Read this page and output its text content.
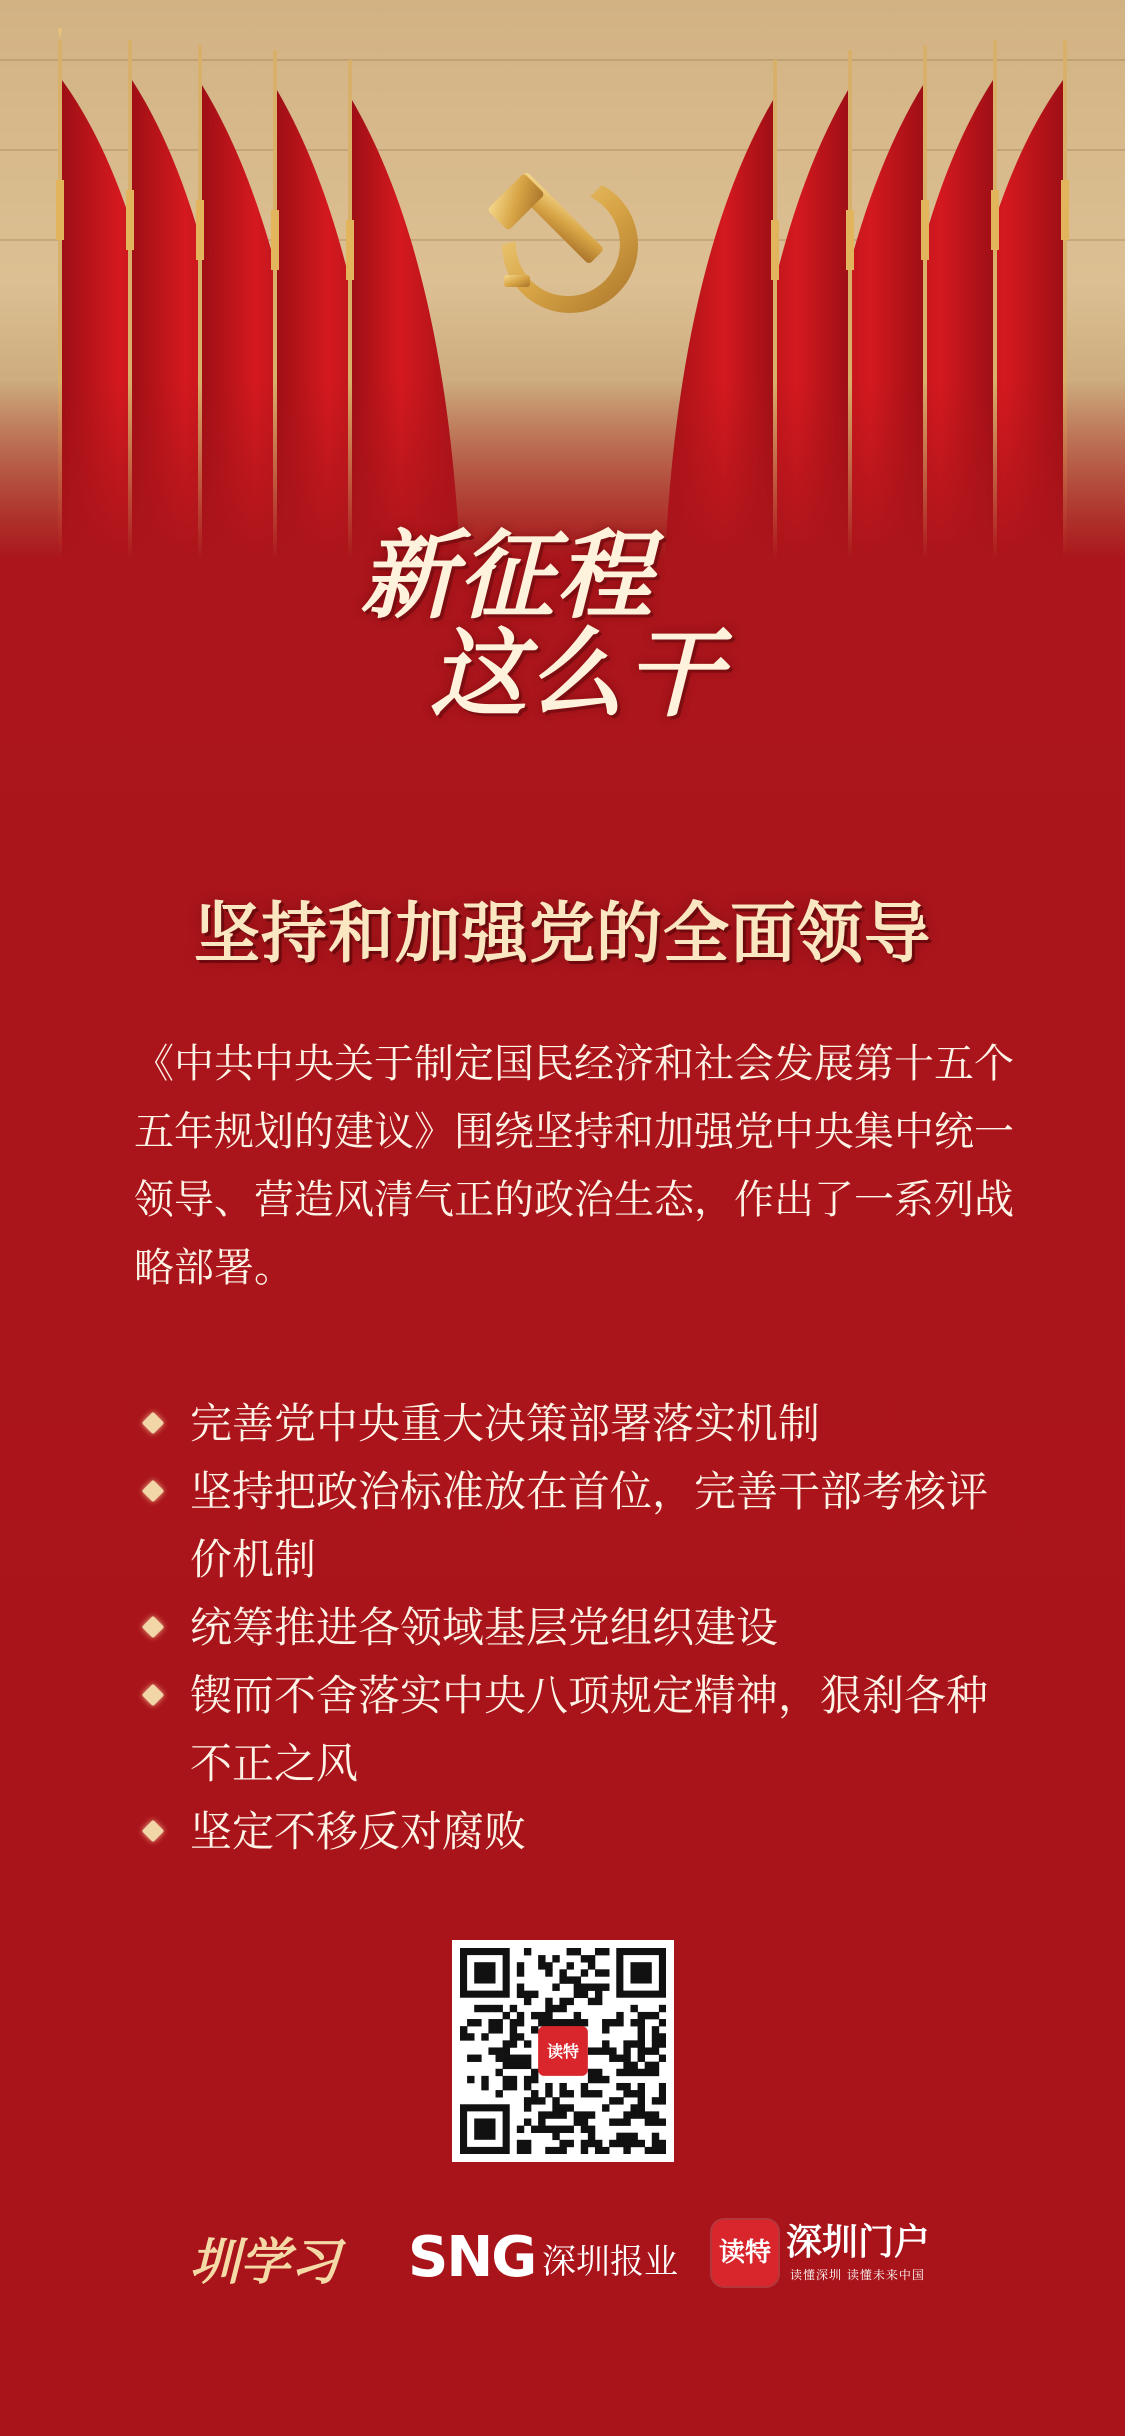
新征程
这么干
坚持和加强党的全面领导

《中共中央关于制定国民经济和社会发展第十五个五年规划的建议》围绕坚持和加强党中央集中统一领导、营造风清气正的政治生态，作出了一系列战略部署。

完善党中央重大决策部署落实机制
坚持把政治标准放在首位，完善干部考核评价机制
统筹推进各领域基层党组织建设
锲而不舍落实中央八项规定精神，狠刹各种不正之风
坚定不移反对腐败
读特
圳学习 SNG 深圳报业 读特 深圳门户
读懂深圳 读懂未来中国
